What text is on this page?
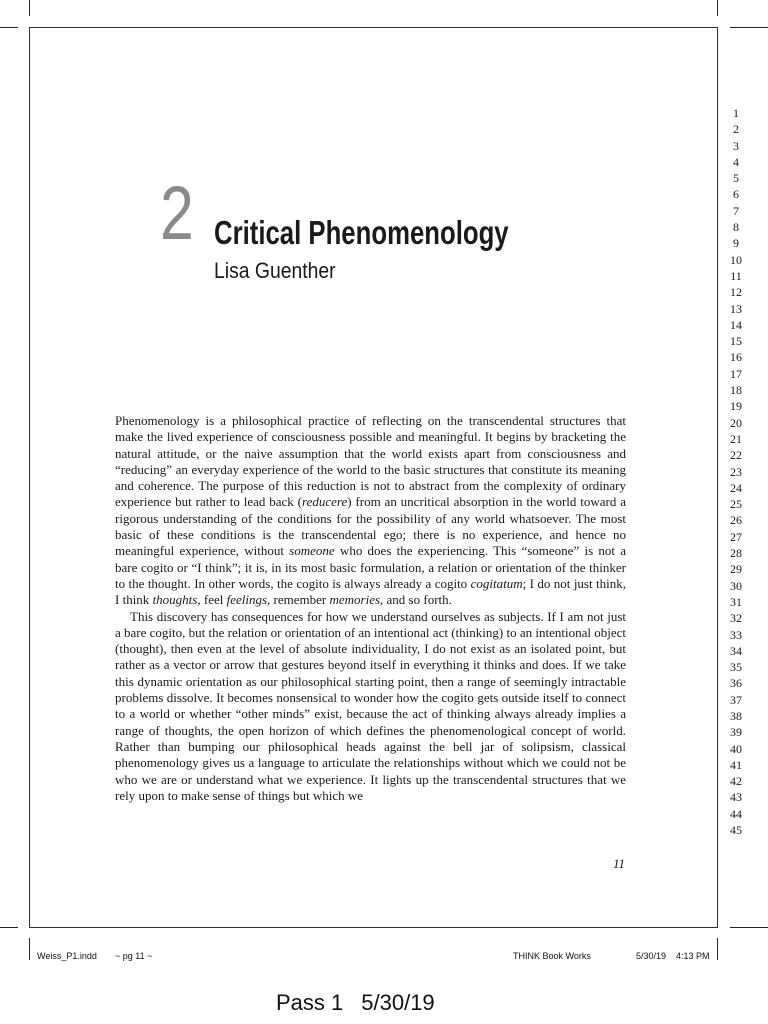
2 Critical Phenomenology
Lisa Guenther

Phenomenology is a philosophical practice of reflecting on the transcendental structures that make the lived experience of consciousness possible and meaningful. It begins by bracketing the natural attitude, or the naive assumption that the world exists apart from consciousness and “reducing” an everyday experience of the world to the basic structures that constitute its meaning and coherence. The purpose of this reduction is not to abstract from the complexity of ordinary experience but rather to lead back (reducere) from an uncritical absorption in the world toward a rigorous understanding of the conditions for the possibility of any world whatsoever. The most basic of these conditions is the transcendental ego; there is no experience, and hence no meaningful experience, without someone who does the experiencing. This “someone” is not a bare cogito or “I think”; it is, in its most basic formulation, a relation or orientation of the thinker to the thought. In other words, the cogito is always already a cogito cogitatum; I do not just think, I think thoughts, feel feelings, remember memories, and so forth.

This discovery has consequences for how we understand ourselves as subjects. If I am not just a bare cogito, but the relation or orientation of an intentional act (thinking) to an intentional object (thought), then even at the level of absolute individuality, I do not exist as an isolated point, but rather as a vector or arrow that gestures beyond itself in everything it thinks and does. If we take this dynamic orientation as our philosophical starting point, then a range of seemingly intractable problems dissolve. It becomes nonsensical to wonder how the cogito gets outside itself to connect to a world or whether “other minds” exist, because the act of thinking always already implies a range of thoughts, the open horizon of which defines the phenomenological concept of world. Rather than bumping our philosophical heads against the bell jar of solipsism, classical phenomenology gives us a language to articulate the relationships without which we could not be who we are or understand what we experience. It lights up the transcendental structures that we rely upon to make sense of things but which we

11
1
2
3
4
5
6
7
8
9
10
11
12
13
14
15
16
17
18
19
20
21
22
23
24
25
26
27
28
29
30
31
32
33
34
35
36
37
38
39
40
41
42
43
44
45
Weiss_P1.indd ~ pg 11 ~	THINK Book Works	5/30/19 4:13 PM
Pass 1 5/30/19
